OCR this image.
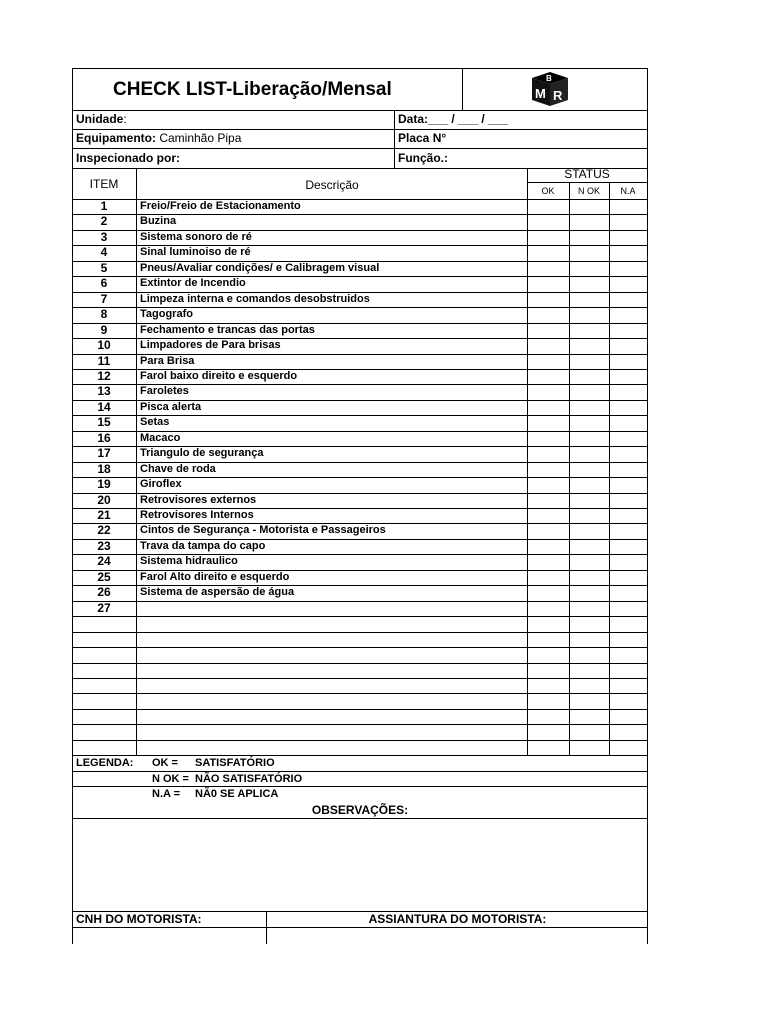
CHECK LIST-Liberação/Mensal
B
M R
Unidade:	Data:___ / ___ / ___
Equipamento: Caminhão Pipa	Placa N°
Inspecionado por:	Função.:
ITEM	Descrição
STATUS
OK	N OK	N.A
1	Freio/Freio de Estacionamento
2	Buzina
3	Sistema sonoro de ré
4	Sinal luminoiso de ré
5	Pneus/Avaliar condições/ e Calibragem visual
6	Extintor de Incendio
7	Limpeza interna e comandos desobstruidos
8	Tagografo
9	Fechamento e trancas das portas
10	Limpadores de Para brisas
11	Para Brisa
12	Farol baixo direito e esquerdo
13	Faroletes
14	Pisca alerta
15	Setas
16	Macaco
17	Triangulo de segurança
18	Chave de roda
19	Giroflex
20	Retrovisores externos
21	Retrovisores Internos
22	Cintos de Segurança - Motorista e Passageiros
23	Trava da tampa do capo
24	Sistema hidraulico
25	Farol Alto direito e esquerdo
26	Sistema de aspersão de água
27
LEGENDA: OK = SATISFATÓRIO
N OK = NÃO SATISFATÓRIO
N.A = NÃ0 SE APLICA
OBSERVAÇÕES:
CNH DO MOTORISTA:	ASSIANTURA DO MOTORISTA:
